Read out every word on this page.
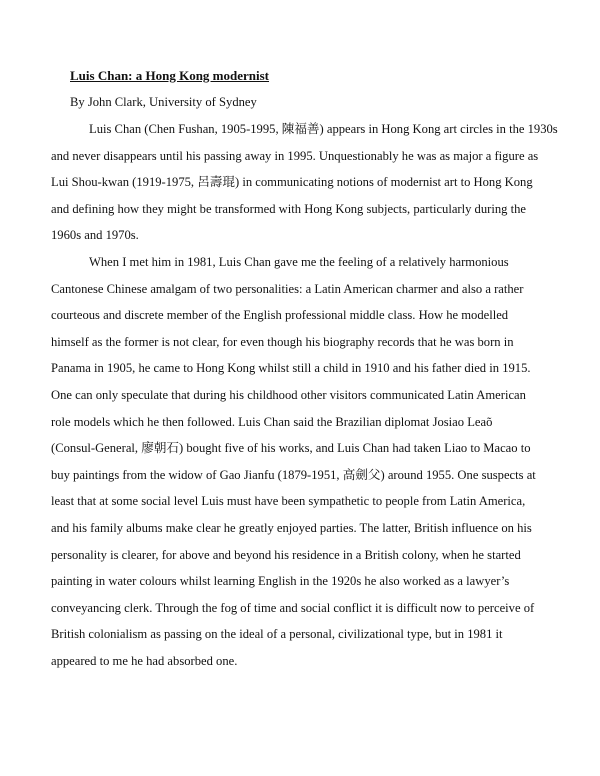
Luis Chan: a Hong Kong modernist
By John Clark, University of Sydney

Luis Chan (Chen Fushan, 1905-1995, 陳福善) appears in Hong Kong art circles in the 1930s
and never disappears until his passing away in 1995. Unquestionably he was as major a figure as
Lui Shou-kwan (1919-1975, 呂壽琨) in communicating notions of modernist art to Hong Kong
and defining how they might be transformed with Hong Kong subjects, particularly during the
1960s and 1970s.

When I met him in 1981, Luis Chan gave me the feeling of a relatively harmonious
Cantonese Chinese amalgam of two personalities: a Latin American charmer and also a rather
courteous and discrete member of the English professional middle class. How he modelled
himself as the former is not clear, for even though his biography records that he was born in
Panama in 1905, he came to Hong Kong whilst still a child in 1910 and his father died in 1915.
One can only speculate that during his childhood other visitors communicated Latin American
role models which he then followed. Luis Chan said the Brazilian diplomat Josiao Leaõ
(Consul-General, 廖朝石) bought five of his works, and Luis Chan had taken Liao to Macao to
buy paintings from the widow of Gao Jianfu (1879-1951, 高劍父) around 1955. One suspects at
least that at some social level Luis must have been sympathetic to people from Latin America,
and his family albums make clear he greatly enjoyed parties. The latter, British influence on his
personality is clearer, for above and beyond his residence in a British colony, when he started
painting in water colours whilst learning English in the 1920s he also worked as a lawyer’s
conveyancing clerk. Through the fog of time and social conflict it is difficult now to perceive of
British colonialism as passing on the ideal of a personal, civilizational type, but in 1981 it
appeared to me he had absorbed one.
